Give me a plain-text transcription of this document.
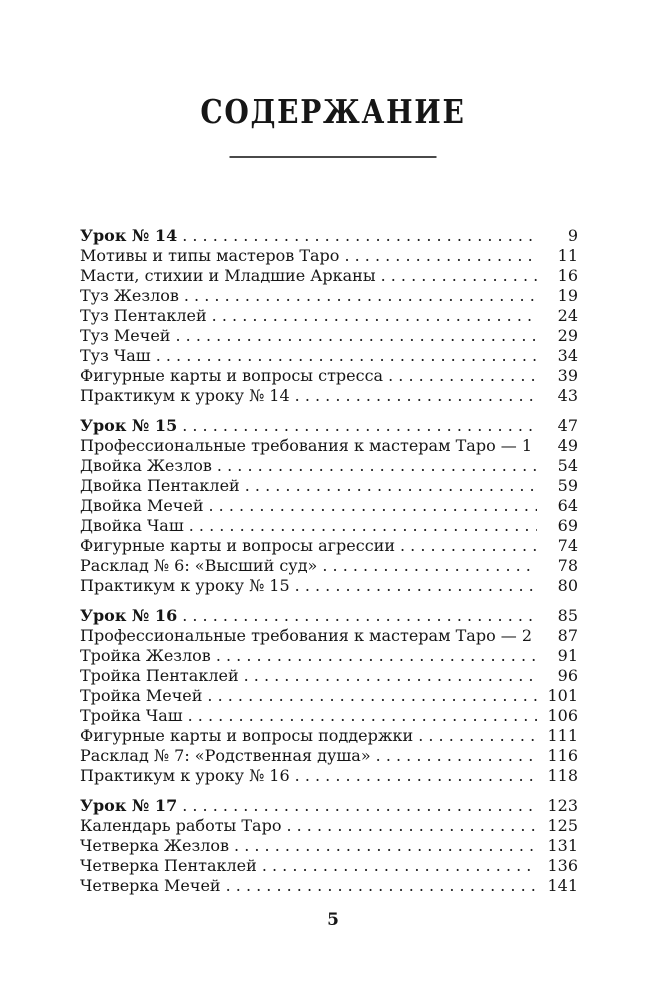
СОДЕРЖАНИЕ
Урок № 14 . . .	9
Мотивы и типы мастеров Таро . . .	11
Масти, стихии и Младшие Арканы . . .	16
Туз Жезлов . . .	19
Туз Пентаклей . . .	24
Туз Мечей . . .	29
Туз Чаш . . .	34
Фигурные карты и вопросы стресса . . .	39
Практикум к уроку № 14 . . .	43
Урок № 15 . . .	47
Профессиональные требования к мастерам Таро — 1	49
Двойка Жезлов . . .	54
Двойка Пентаклей . . .	59
Двойка Мечей . . .	64
Двойка Чаш . . .	69
Фигурные карты и вопросы агрессии . . .	74
Расклад № 6: «Высший суд» . . .	78
Практикум к уроку № 15 . . .	80
Урок № 16 . . .	85
Профессиональные требования к мастерам Таро — 2	87
Тройка Жезлов . . .	91
Тройка Пентаклей . . .	96
Тройка Мечей . . .	101
Тройка Чаш . . .	106
Фигурные карты и вопросы поддержки . . .	111
Расклад № 7: «Родственная душа» . . .	116
Практикум к уроку № 16 . . .	118
Урок № 17 . . .	123
Календарь работы Таро . . .	125
Четверка Жезлов . . .	131
Четверка Пентаклей . . .	136
Четверка Мечей . . .	141
5
